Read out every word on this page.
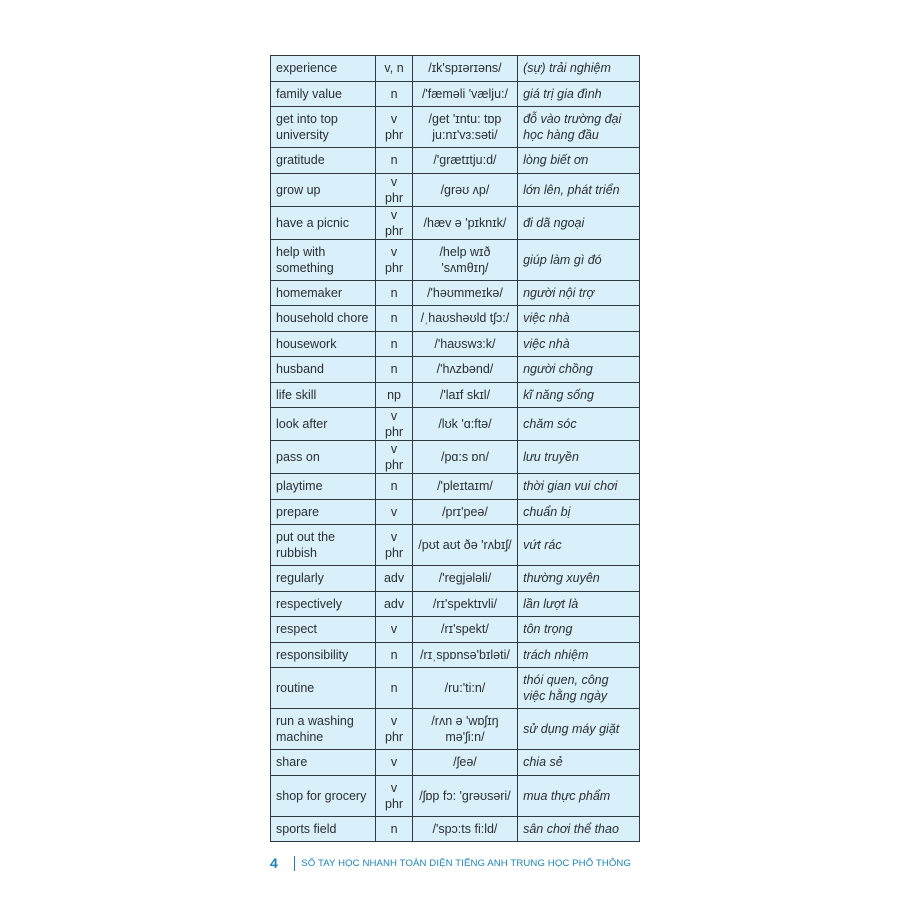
experience	v, n	/ɪk'spɪərɪəns/	(sự) trải nghiệm
family value	n	/'fæməli 'vælju:/	giá trị gia đình
get into top university	v phr	/get 'ɪntu: tɒp ju:nɪ'vɜ:səti/	đỗ vào trường đại học hàng đầu
gratitude	n	/'grætɪtju:d/	lòng biết ơn
grow up	v phr	/grəʊ ʌp/	lớn lên, phát triển
have a picnic	v phr	/hæv ə 'pɪknɪk/	đi dã ngoại
help with something	v phr	/help wɪð 'sʌmθɪŋ/	giúp làm gì đó
homemaker	n	/'həʊmmeɪkə/	người nội trợ
household chore	n	/ˌhaʊshəʊld tʃɔ:/	việc nhà
housework	n	/'haʊswɜ:k/	việc nhà
husband	n	/'hʌzbənd/	người chồng
life skill	np	/'laɪf skɪl/	kĩ năng sống
look after	v phr	/lʊk 'ɑ:ftə/	chăm sóc
pass on	v phr	/pɑ:s ɒn/	lưu truyền
playtime	n	/'pleɪtaɪm/	thời gian vui chơi
prepare	v	/prɪ'peə/	chuẩn bị
put out the rubbish	v phr	/pʊt aʊt ðə 'rʌbɪʃ/	vứt rác
regularly	adv	/'regjələli/	thường xuyên
respectively	adv	/rɪ'spektɪvli/	lần lượt là
respect	v	/rɪ'spekt/	tôn trọng
responsibility	n	/rɪˌspɒnsə'bɪləti/	trách nhiệm
routine	n	/ru:'ti:n/	thói quen, công việc hằng ngày
run a washing machine	v phr	/rʌn ə 'wɒʃɪŋ mə'ʃi:n/	sử dụng máy giặt
share	v	/ʃeə/	chia sẻ
shop for grocery	v phr	/ʃɒp fɔ: 'grəʊsəri/	mua thực phẩm
sports field	n	/'spɔ:ts fi:ld/	sân chơi thể thao
4 SỔ TAY HỌC NHANH TOÀN DIỆN TIẾNG ANH TRUNG HỌC PHỔ THÔNG
